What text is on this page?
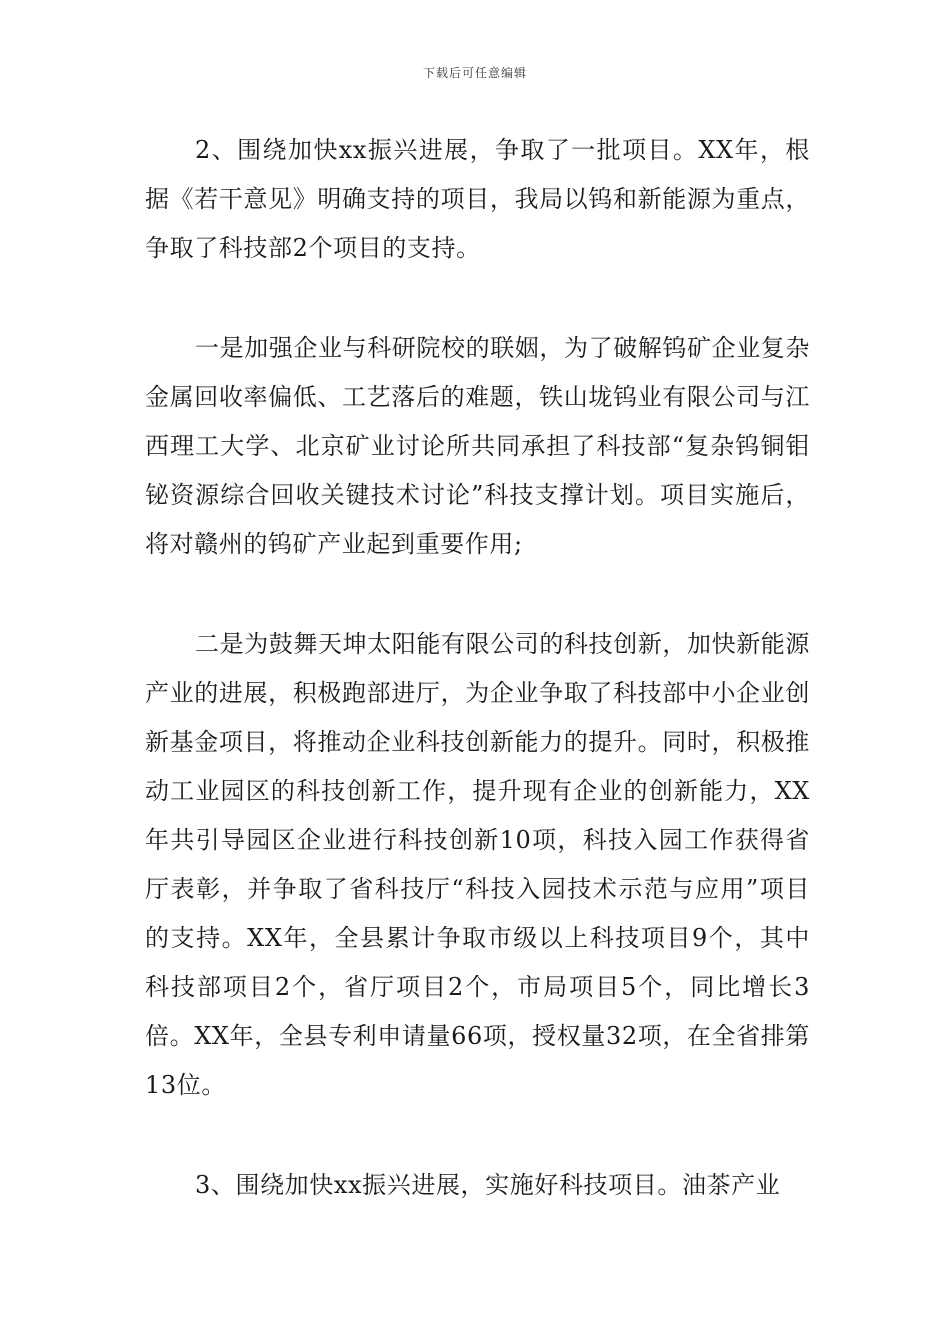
下载后可任意编辑

2、围绕加快xx振兴进展，争取了一批项目。XX年，根据《若干意见》明确支持的项目，我局以钨和新能源为重点，争取了科技部2个项目的支持。

一是加强企业与科研院校的联姻，为了破解钨矿企业复杂金属回收率偏低、工艺落后的难题，铁山垅钨业有限公司与江西理工大学、北京矿业讨论所共同承担了科技部“复杂钨铜钼铋资源综合回收关键技术讨论”科技支撑计划。项目实施后，将对赣州的钨矿产业起到重要作用;

二是为鼓舞天坤太阳能有限公司的科技创新，加快新能源产业的进展，积极跑部进厅，为企业争取了科技部中小企业创新基金项目，将推动企业科技创新能力的提升。同时，积极推动工业园区的科技创新工作，提升现有企业的创新能力，XX年共引导园区企业进行科技创新10项，科技入园工作获得省厅表彰，并争取了省科技厅“科技入园技术示范与应用”项目的支持。XX年，全县累计争取市级以上科技项目9个，其中科技部项目2个，省厅项目2个，市局项目5个，同比增长3倍。XX年，全县专利申请量66项，授权量32项，在全省排第13位。

3、围绕加快xx振兴进展，实施好科技项目。油茶产业
